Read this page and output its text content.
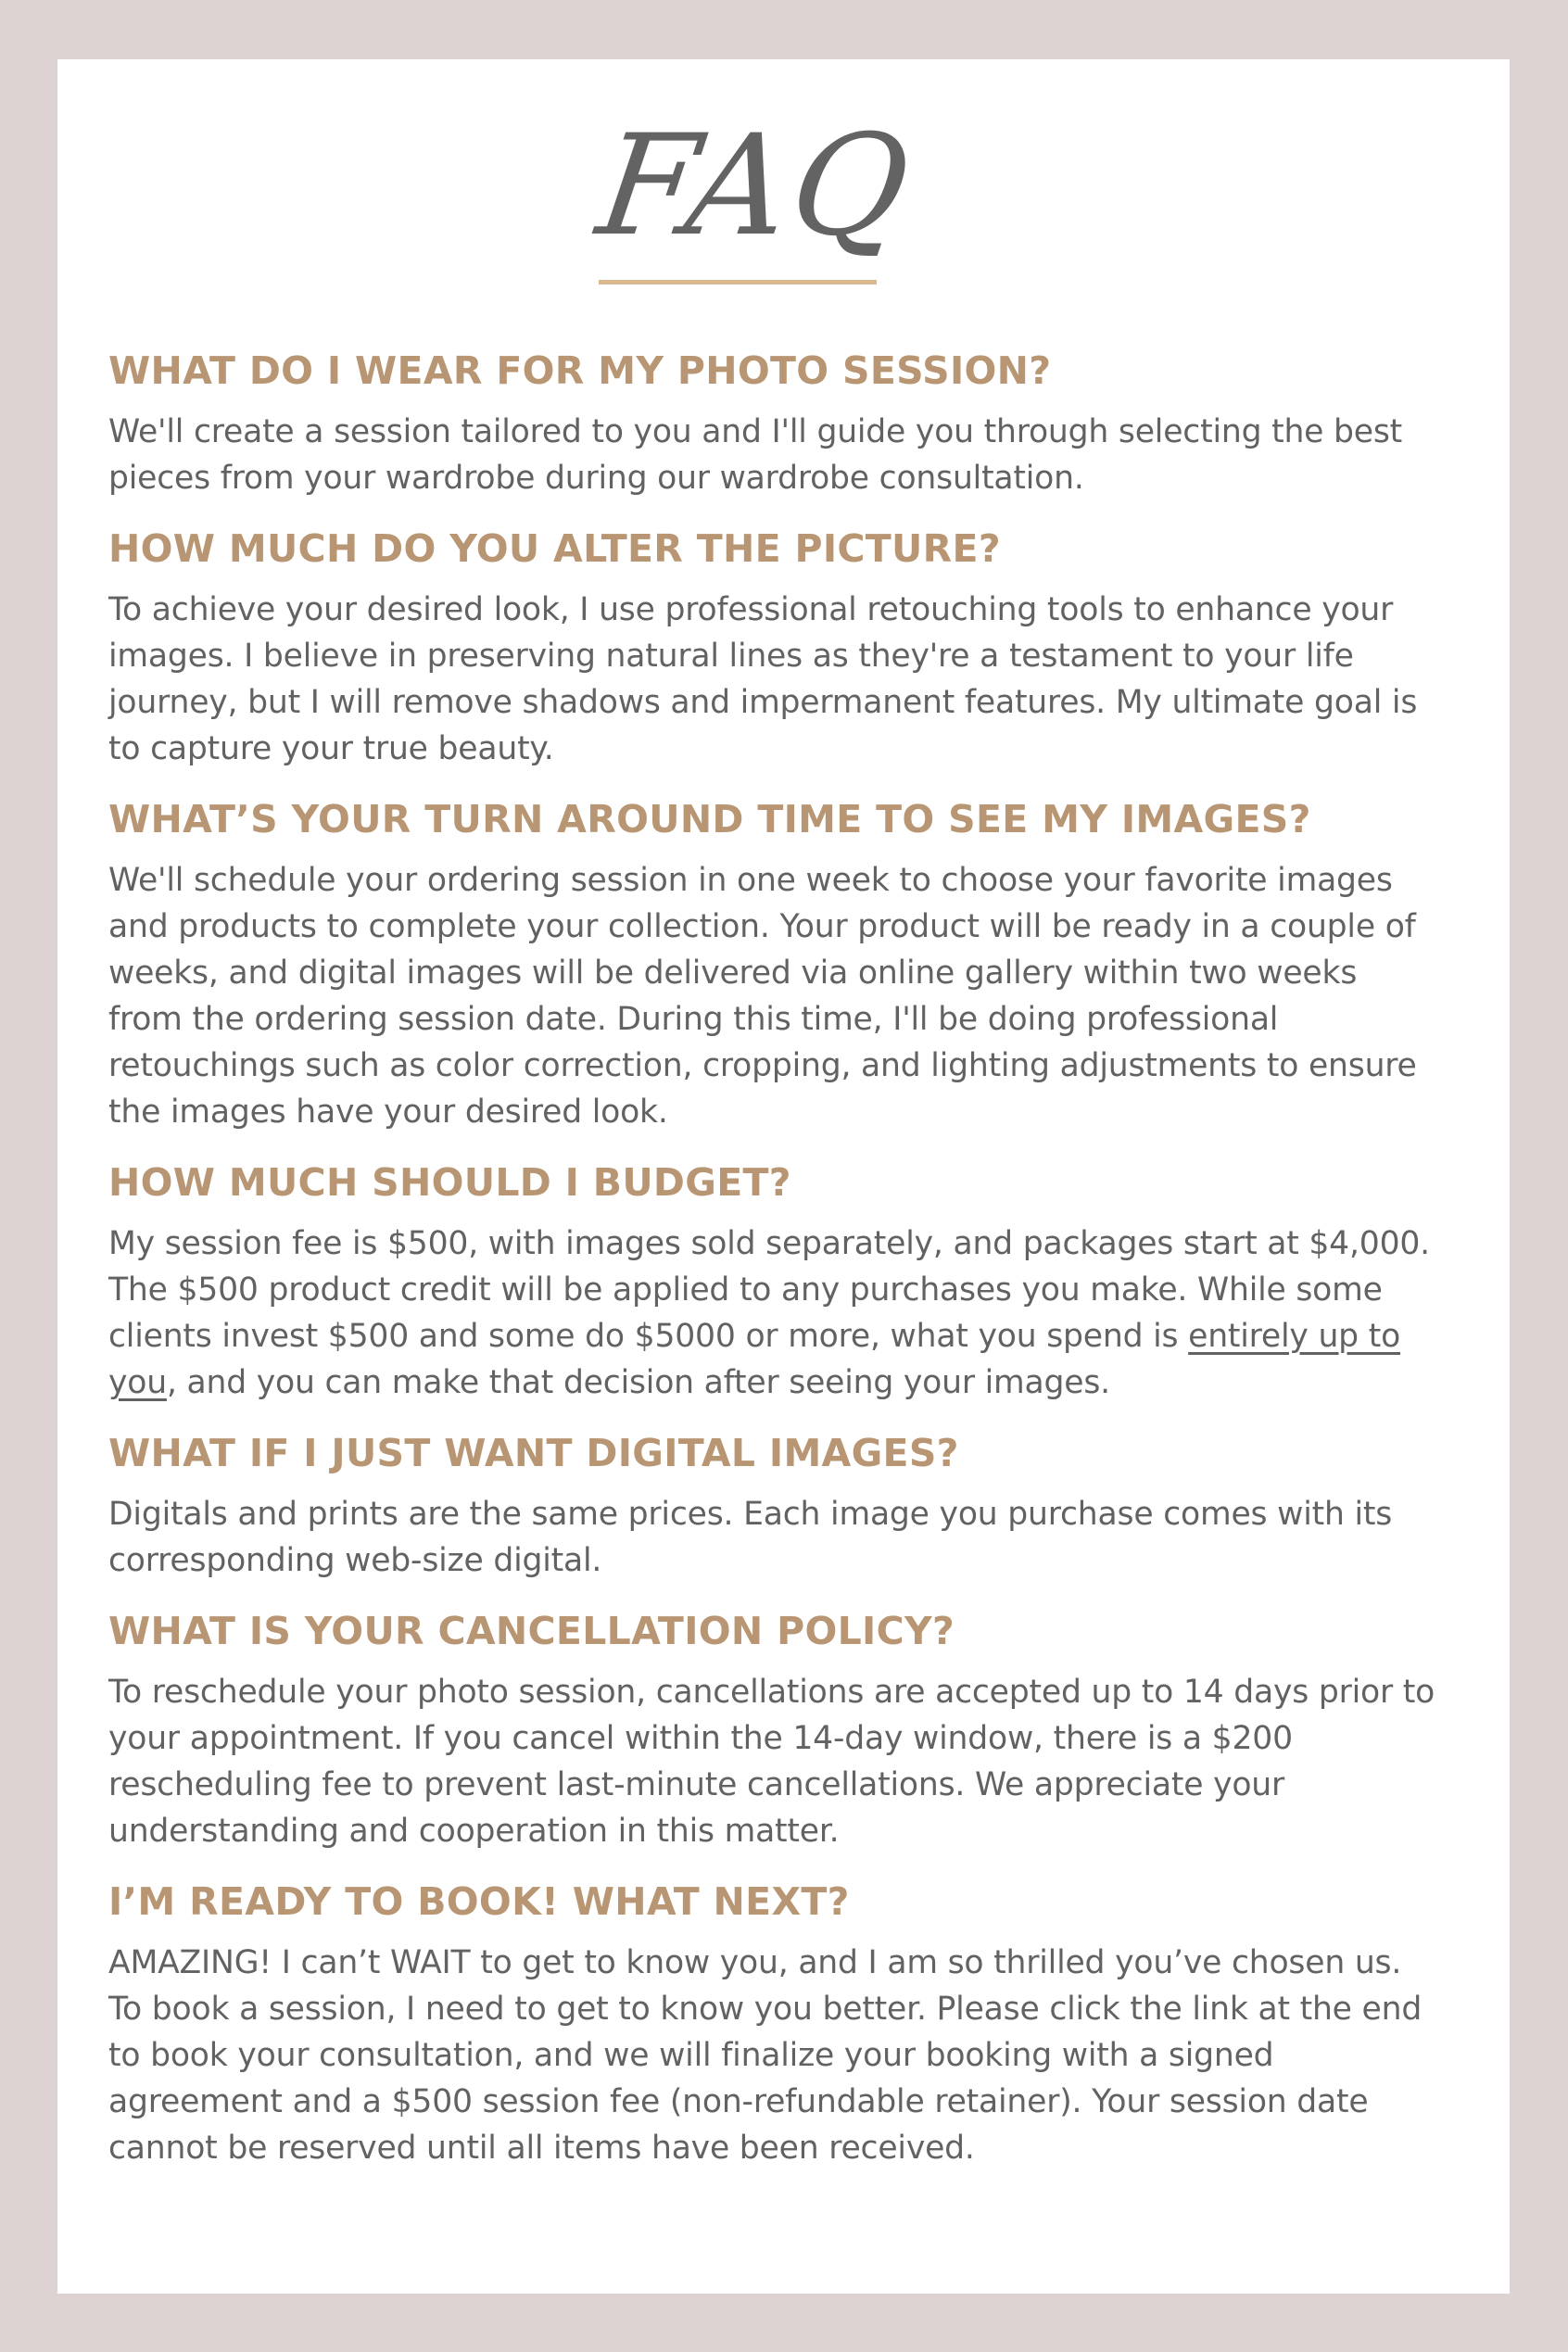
FAQ
WHAT DO I WEAR FOR MY PHOTO SESSION?

We'll create a session tailored to you and I'll guide you through selecting the best pieces from your wardrobe during our wardrobe consultation.

HOW MUCH DO YOU ALTER THE PICTURE?

To achieve your desired look, I use professional retouching tools to enhance your images. I believe in preserving natural lines as they're a testament to your life journey, but I will remove shadows and impermanent features. My ultimate goal is to capture your true beauty.

WHAT’S YOUR TURN AROUND TIME TO SEE MY IMAGES?

We'll schedule your ordering session in one week to choose your favorite images and products to complete your collection. Your product will be ready in a couple of weeks, and digital images will be delivered via online gallery within two weeks from the ordering session date. During this time, I'll be doing professional retouchings such as color correction, cropping, and lighting adjustments to ensure the images have your desired look.

HOW MUCH SHOULD I BUDGET?

My session fee is $500, with images sold separately, and packages start at $4,000. The $500 product credit will be applied to any purchases you make. While some clients invest $500 and some do $5000 or more, what you spend is entirely up to you, and you can make that decision after seeing your images.

WHAT IF I JUST WANT DIGITAL IMAGES?

Digitals and prints are the same prices. Each image you purchase comes with its corresponding web-size digital.

WHAT IS YOUR CANCELLATION POLICY?

To reschedule your photo session, cancellations are accepted up to 14 days prior to your appointment. If you cancel within the 14-day window, there is a $200 rescheduling fee to prevent last-minute cancellations. We appreciate your understanding and cooperation in this matter.

I’M READY TO BOOK! WHAT NEXT?

AMAZING! I can’t WAIT to get to know you, and I am so thrilled you’ve chosen us. To book a session, I need to get to know you better. Please click the link at the end to book your consultation, and we will finalize your booking with a signed agreement and a $500 session fee (non-refundable retainer). Your session date cannot be reserved until all items have been received.
